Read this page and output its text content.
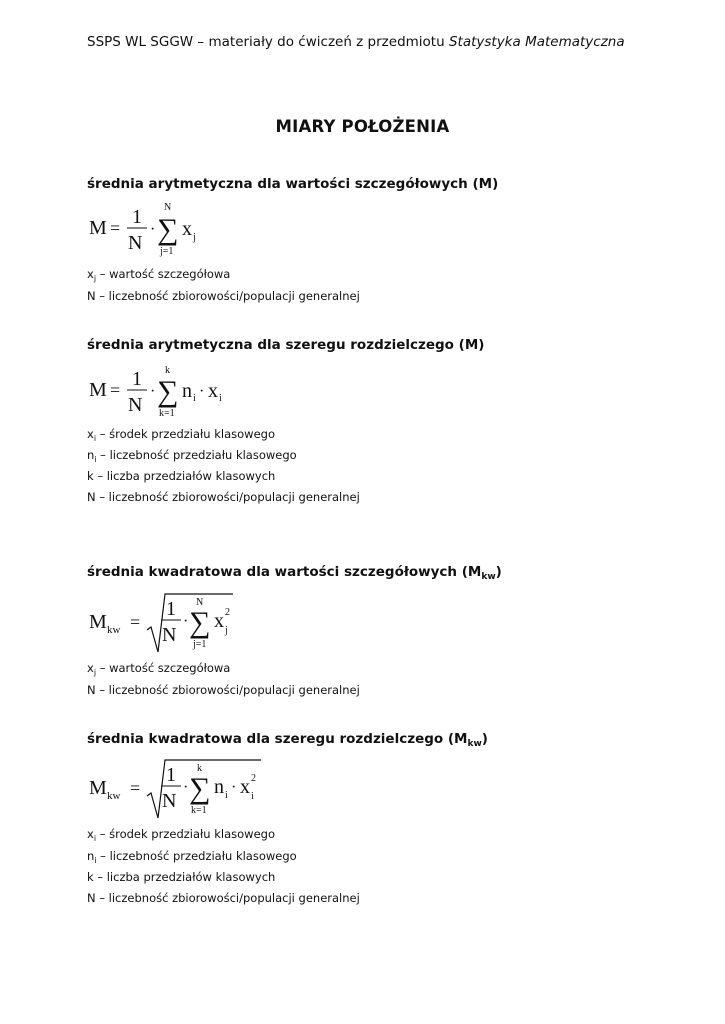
SSPS WL SGGW – materiały do ćwiczeń z przedmiotu Statystyka Matematyczna
MIARY POŁOŻENIA
średnia arytmetyczna dla wartości szczegółowych (M)
M = 1
N
·
N
∑
j=1
x j
$x_j$ – wartość szczegółowa
N – liczebność zbiorowości/populacji generalnej
średnia arytmetyczna dla szeregu rozdzielczego (M)
M = 1
N
·
k
∑
k=1
n i · x i
$x_i$ – środek przedziału klasowego
$n_i$ – liczebność przedziału klasowego
k – liczba przedziałów klasowych
N – liczebność zbiorowości/populacji generalnej
średnia kwadratowa dla wartości szczegółowych $(M_{kw})$
M kw =
1
N
·
N
∑
j=1
x 2
j
$x_j$ – wartość szczegółowa
N – liczebność zbiorowości/populacji generalnej
średnia kwadratowa dla szeregu rozdzielczego $(M_{kw})$
M kw =
1
N
·
k
∑
k=1
n i · x 2
i
$x_i$ – środek przedziału klasowego
$n_i$ – liczebność przedziału klasowego
k – liczba przedziałów klasowych
N – liczebność zbiorowości/populacji generalnej
